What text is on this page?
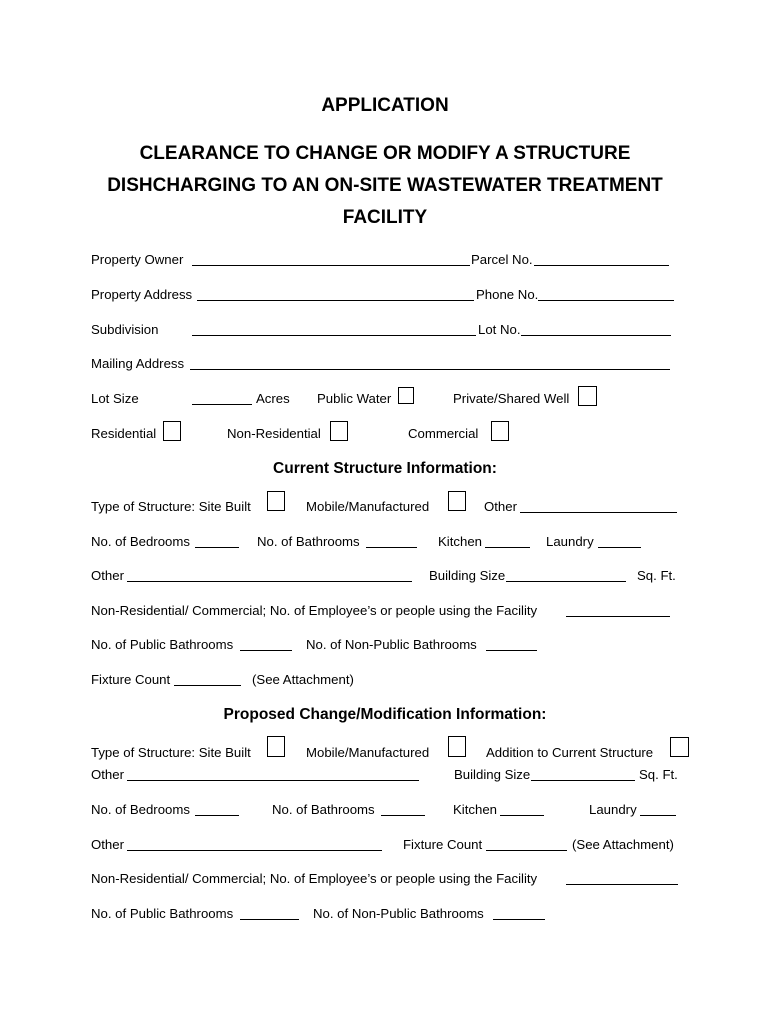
APPLICATION
CLEARANCE TO CHANGE OR MODIFY A STRUCTURE
DISHCHARGING TO AN ON-SITE WASTEWATER TREATMENT
FACILITY
Property Owner	Parcel No.
Property Address	Phone No.
Subdivision	Lot No.
Mailing Address
Lot Size	Acres Public Water	Private/Shared Well
Residential	Non-Residential	Commercial
Current Structure Information:
Type of Structure: Site Built	Mobile/Manufactured	Other
No. of Bedrooms	No. of Bathrooms	Kitchen	Laundry
Other	Building Size	Sq. Ft.
Non-Residential/ Commercial; No. of Employee’s or people using the Facility
No. of Public Bathrooms	No. of Non-Public Bathrooms
Fixture Count	(See Attachment)
Proposed Change/Modification Information:
Type of Structure: Site Built	Mobile/Manufactured	Addition to Current Structure
Other	Building Size	Sq. Ft.
No. of Bedrooms	No. of Bathrooms	Kitchen	Laundry
Other	Fixture Count	(See Attachment)
Non-Residential/ Commercial; No. of Employee’s or people using the Facility
No. of Public Bathrooms	No. of Non-Public Bathrooms
